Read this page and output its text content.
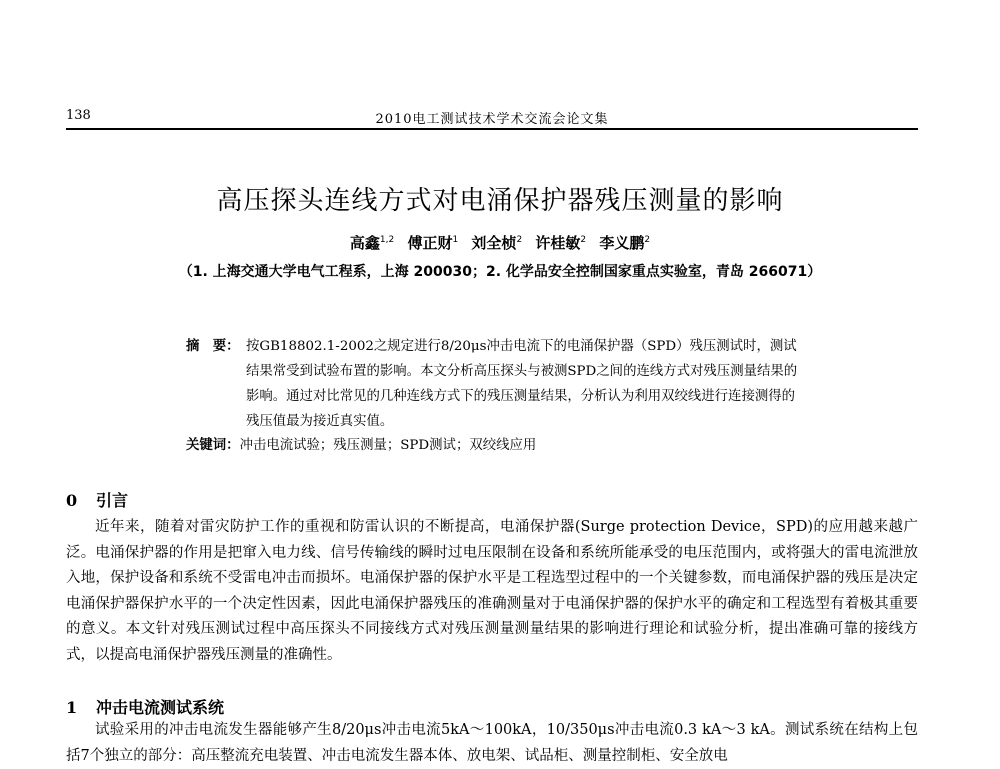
138	2010电工测试技术学术交流会论文集
高压探头连线方式对电涌保护器残压测量的影响
高鑫$^{1,2}$ 傅正财$^1$ 刘全桢$^2$ 许桂敏$^2$ 李义鹏$^2$
（1. 上海交通大学电气工程系，上海 200030；2. 化学品安全控制国家重点实验室，青岛 266071）
摘　要： 按GB18802.1-2002之规定进行8/20μs冲击电流下的电涌保护器（SPD）残压测试时，测试结果常受到试验布置的影响。本文分析高压探头与被测SPD之间的连线方式对残压测量结果的影响。通过对比常见的几种连线方式下的残压测量结果，分析认为利用双绞线进行连接测得的残压值最为接近真实值。
关键词：冲击电流试验；残压测量；SPD测试；双绞线应用
0 引言
近年来，随着对雷灾防护工作的重视和防雷认识的不断提高，电涌保护器(Surge protection Device，SPD)的应用越来越广泛。电涌保护器的作用是把窜入电力线、信号传输线的瞬时过电压限制在设备和系统所能承受的电压范围内，或将强大的雷电流泄放入地，保护设备和系统不受雷电冲击而损坏。电涌保护器的保护水平是工程选型过程中的一个关键参数，而电涌保护器的残压是决定电涌保护器保护水平的一个决定性因素，因此电涌保护器残压的准确测量对于电涌保护器的保护水平的确定和工程选型有着极其重要的意义。本文针对残压测试过程中高压探头不同接线方式对残压测量测量结果的影响进行理论和试验分析，提出准确可靠的接线方式，以提高电涌保护器残压测量的准确性。
1 冲击电流测试系统
试验采用的冲击电流发生器能够产生8/20μs冲击电流5kA～100kA，10/350μs冲击电流0.3 kA～3 kA。测试系统在结构上包括7个独立的部分：高压整流充电装置、冲击电流发生器本体、放电架、试品柜、测量控制柜、安全放电
